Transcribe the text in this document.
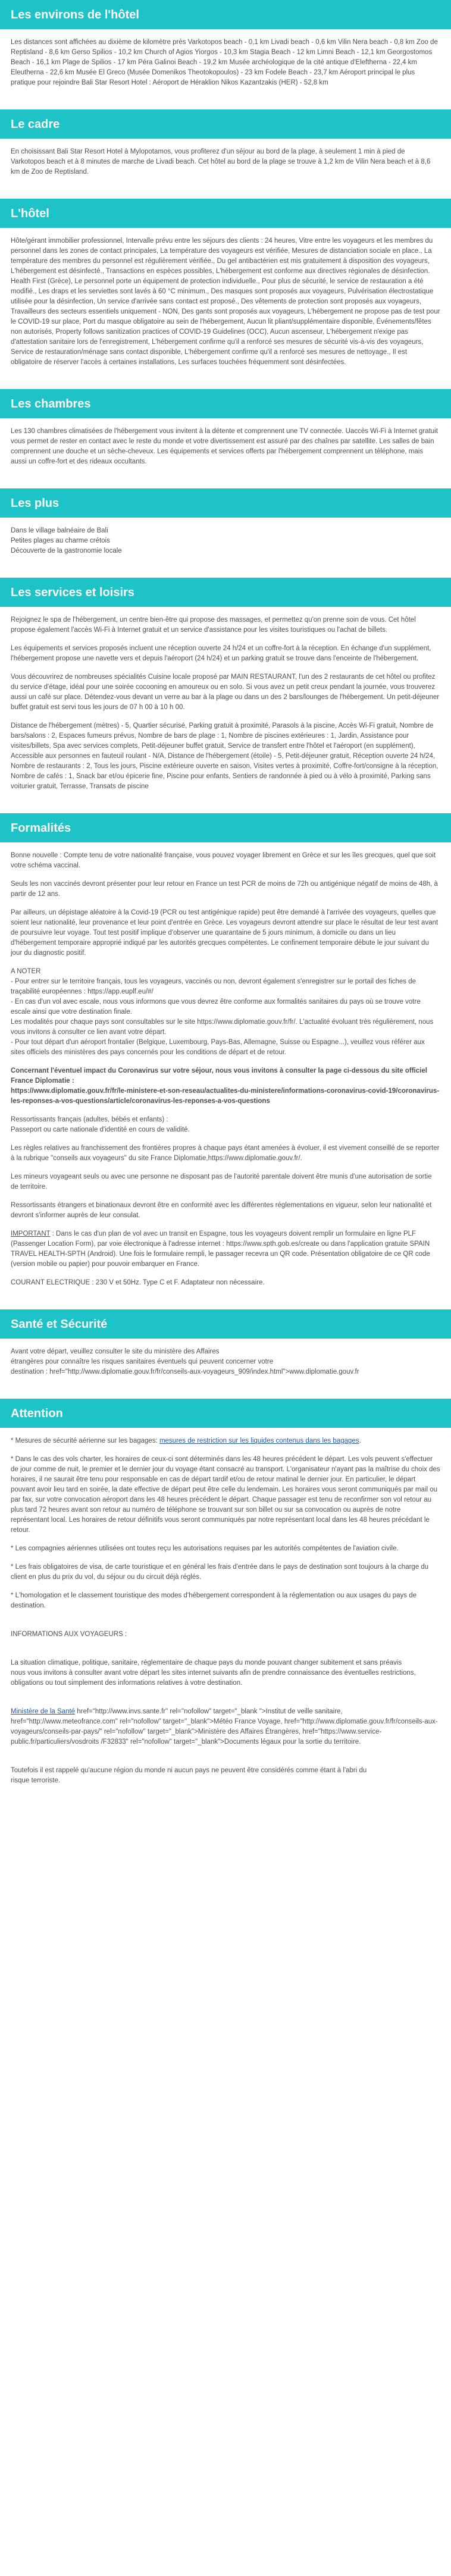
Les environs de l'hôtel

Les distances sont affichées au dixième de kilomètre près Varkotopos beach - 0,1 km Livadi beach - 0,6 km Vilin Nera beach - 0,8 km Zoo de Reptisland - 8,6 km Gerso Spilios - 10,2 km Church of Agios Yiorgos - 10,3 km Stagia Beach - 12 km Limni Beach - 12,1 km Georgostomos Beach - 16,1 km Plage de Spilios - 17 km Péra Galinoi Beach - 19,2 km Musée archéologique de la cité antique d'Eleftherna - 22,4 km Eleutherna - 22,6 km Musée El Greco (Musée Domenikos Theotokopoulos) - 23 km Fodele Beach - 23,7 km Aéroport principal le plus pratique pour rejoindre Bali Star Resort Hotel : Aéroport de Héraklion Nikos Kazantzakis (HER) - 52,8 km

Le cadre

En choisissant Bali Star Resort Hotel à Mylopotamos, vous profiterez d'un séjour au bord de la plage, à seulement 1 min à pied de Varkotopos beach et à 8 minutes de marche de Livadi beach. Cet hôtel au bord de la plage se trouve à 1,2 km de Vilin Nera beach et à 8,6 km de Zoo de Reptisland.

L'hôtel

Hôte/gérant immobilier professionnel, Intervalle prévu entre les séjours des clients : 24 heures, Vitre entre les voyageurs et les membres du personnel dans les zones de contact principales, La température des voyageurs est vérifiée, Mesures de distanciation sociale en place., La température des membres du personnel est régulièrement vérifiée., Du gel antibactérien est mis gratuitement à disposition des voyageurs, L'hébergement est désinfecté., Transactions en espèces possibles, L'hébergement est conforme aux directives régionales de désinfection. Health First (Grèce), Le personnel porte un équipement de protection individuelle., Pour plus de sécurité, le service de restauration a été modifié., Les draps et les serviettes sont lavés à 60 °C minimum., Des masques sont proposés aux voyageurs, Pulvérisation électrostatique utilisée pour la désinfection, Un service d'arrivée sans contact est proposé., Des vêtements de protection sont proposés aux voyageurs, Travailleurs des secteurs essentiels uniquement - NON, Des gants sont proposés aux voyageurs, L'hébergement ne propose pas de test pour le COVID-19 sur place, Port du masque obligatoire au sein de l'hébergement, Aucun lit pliant/supplémentaire disponible, Événements/fêtes non autorisés, Property follows sanitization practices of COVID-19 Guidelines (OCC), Aucun ascenseur, L'hébergement n'exige pas d'attestation sanitaire lors de l'enregistrement, L'hébergement confirme qu'il a renforcé ses mesures de sécurité vis-à-vis des voyageurs, Service de restauration/ménage sans contact disponible, L'hébergement confirme qu'il a renforcé ses mesures de nettoyage., Il est obligatoire de réserver l'accès à certaines installations, Les surfaces touchées fréquemment sont désinfectées.

Les chambres

Les 130 chambres climatisées de l'hébergement vous invitent à la détente et comprennent une TV connectée. Uaccès Wi-Fi à Internet gratuit vous permet de rester en contact avec le reste du monde et votre divertissement est assuré par des chaînes par satellite. Les salles de bain comprennent une douche et un sèche-cheveux. Les équipements et services offerts par l'hébergement comprennent un téléphone, mais aussi un coffre-fort et des rideaux occultants.

Les plus

Dans le village balnéaire de Bali
Petites plages au charme crétois
Découverte de la gastronomie locale

Les services et loisirs

Rejoignez le spa de l'hébergement, un centre bien-être qui propose des massages, et permettez qu'on prenne soin de vous. Cet hôtel propose également l'accès Wi-Fi à Internet gratuit et un service d'assistance pour les visites touristiques ou l'achat de billets.

Les équipements et services proposés incluent une réception ouverte 24 h/24 et un coffre-fort à la réception. En échange d'un supplément, l'hébergement propose une navette vers et depuis l'aéroport (24 h/24) et un parking gratuit se trouve dans l'enceinte de l'hébergement.

Vous découvrirez de nombreuses spécialités Cuisine locale proposé par MAIN RESTAURANT, l'un des 2 restaurants de cet hôtel ou profitez du service d'étage, idéal pour une soirée cocooning en amoureux ou en solo. Si vous avez un petit creux pendant la journée, vous trouverez aussi un café sur place. Détendez-vous devant un verre au bar à la plage ou dans un des 2 bars/lounges de l'hébergement. Un petit-déjeuner buffet gratuit est servi tous les jours de 07 h 00 à 10 h 00.

Distance de l'hébergement (mètres) - 5, Quartier sécurisé, Parking gratuit à proximité, Parasols à la piscine, Accès Wi-Fi gratuit, Nombre de bars/salons : 2, Espaces fumeurs prévus, Nombre de bars de plage : 1, Nombre de piscines extérieures : 1, Jardin, Assistance pour visites/billets, Spa avec services complets, Petit-déjeuner buffet gratuit, Service de transfert entre l'hôtel et l'aéroport (en supplément), Accessible aux personnes en fauteuil roulant - N/A, Distance de l'hébergement (étoile) - 5, Petit-déjeuner gratuit, Réception ouverte 24 h/24, Nombre de restaurants : 2, Tous les jours, Piscine extérieure ouverte en saison, Visites vertes à proximité, Coffre-fort/consigne à la réception, Nombre de cafés : 1, Snack bar et/ou épicerie fine, Piscine pour enfants, Sentiers de randonnée à pied ou à vélo à proximité, Parking sans voiturier gratuit, Terrasse, Transats de piscine

Formalités

Bonne nouvelle : Compte tenu de votre nationalité française, vous pouvez voyager librement en Grèce et sur les îles grecques, quel que soit votre schéma vaccinal.

Seuls les non vaccinés devront présenter pour leur retour en France un test PCR de moins de 72h ou antigénique négatif de moins de 48h, à partir de 12 ans.

Par ailleurs, un dépistage aléatoire à la Covid-19 (PCR ou test antigénique rapide) peut être demandé à l'arrivée des voyageurs, quelles que soient leur nationalité, leur provenance et leur point d'entrée en Grèce. Les voyageurs devront attendre sur place le résultat de leur test avant de poursuivre leur voyage. Tout test positif implique d'observer une quarantaine de 5 jours minimum, à domicile ou dans un lieu d'hébergement temporaire approprié indiqué par les autorités grecques compétentes. Le confinement temporaire débute le jour suivant du jour du diagnostic positif.

A NOTER
- Pour entrer sur le territoire français, tous les voyageurs, vaccinés ou non, devront également s'enregistrer sur le portail des fiches de traçabilité européennes : https://app.euplf.eu/#/
- En cas d'un vol avec escale, nous vous informons que vous devrez être conforme aux formalités sanitaires du pays où se trouve votre escale ainsi que votre destination finale.
Les modalités pour chaque pays sont consultables sur le site https://www.diplomatie.gouv.fr/fr/. L'actualité évoluant très régulièrement, nous vous invitons à consulter ce lien avant votre départ.
- Pour tout départ d'un aéroport frontalier (Belgique, Luxembourg, Pays-Bas, Allemagne, Suisse ou Espagne...), veuillez vous référer aux sites officiels des ministères des pays concernés pour les conditions de départ et de retour.

Concernant l'éventuel impact du Coronavirus sur votre séjour, nous vous invitons à consulter la page ci-dessous du site officiel France Diplomatie :
https://www.diplomatie.gouv.fr/fr/le-ministere-et-son-reseau/actualites-du-ministere/informations-coronavirus-covid-19/coronavirus-les-reponses-a-vos-questions/article/coronavirus-les-reponses-a-vos-questions

Ressortissants français (adultes, bébés et enfants) :
Passeport ou carte nationale d'identité en cours de validité.

Les règles relatives au franchissement des frontières propres à chaque pays étant amenées à évoluer, il est vivement conseillé de se reporter à la rubrique "conseils aux voyageurs" du site France Diplomatie,https://www.diplomatie.gouv.fr/.

Les mineurs voyageant seuls ou avec une personne ne disposant pas de l'autorité parentale doivent être munis d'une autorisation de sortie de territoire.

Ressortissants étrangers et binationaux devront être en conformité avec les différentes réglementations en vigueur, selon leur nationalité et devront s'informer auprès de leur consulat.

IMPORTANT : Dans le cas d'un plan de vol avec un transit en Espagne, tous les voyageurs doivent remplir un formulaire en ligne PLF (Passenger Location Form), par voie électronique à l'adresse internet : https://www.spth.gob.es/create ou dans l'application gratuite SPAIN TRAVEL HEALTH-SPTH (Android). Une fois le formulaire rempli, le passager recevra un QR code. Présentation obligatoire de ce QR code (version mobile ou papier) pour pouvoir embarquer en France.

COURANT ELECTRIQUE : 230 V et 50Hz. Type C et F. Adaptateur non nécessaire.

Santé et Sécurité

Avant votre départ, veuillez consulter le site du ministère des Affaires
étrangères pour connaître les risques sanitaires éventuels qui peuvent concerner votre
destination : href="http://www.diplomatie.gouv.fr/fr/conseils-aux-voyageurs_909/index.html">www.diplomatie.gouv.fr

Attention

* Mesures de sécurité aérienne sur les bagages: mesures de restriction sur les liquides contenus dans les bagages.

* Dans le cas des vols charter, les horaires de ceux-ci sont déterminés dans les 48 heures précédent le départ. Les vols peuvent s'effectuer de jour comme de nuit, le premier et le dernier jour du voyage étant consacré au transport. L'organisateur n'ayant pas la maîtrise du choix des horaires, il ne saurait être tenu pour responsable en cas de départ tardif et/ou de retour matinal le dernier jour. En particulier, le départ pouvant avoir lieu tard en soirée, la date effective de départ peut être celle du lendemain. Les horaires vous seront communiqués par mail ou par fax, sur votre convocation aéroport dans les 48 heures précédent le départ. Chaque passager est tenu de reconfirmer son vol retour au plus tard 72 heures avant son retour au numéro de téléphone se trouvant sur son billet ou sur sa convocation ou auprès de notre représentant local. Les horaires de retour définitifs vous seront communiqués par notre représentant local dans les 48 heures précédant le retour.

* Les compagnies aériennes utilisées ont toutes reçu les autorisations requises par les autorités compétentes de l'aviation civile.

* Les frais obligatoires de visa, de carte touristique et en général les frais d'entrée dans le pays de destination sont toujours à la charge du client en plus du prix du vol, du séjour ou du circuit déjà réglés.

* L'homologation et le classement touristique des modes d'hébergement correspondent à la réglementation ou aux usages du pays de destination.

INFORMATIONS AUX VOYAGEURS :

La situation climatique, politique, sanitaire, réglementaire de chaque pays du monde pouvant changer subitement et sans préavis
nous vous invitons à consulter avant votre départ les sites internet suivants afin de prendre connaissance des éventuelles restrictions, obligations ou tout simplement des informations relatives à votre destination.

Ministère de la Santé href="http://www.invs.sante.fr" rel="nofollow" target="_blank ">Institut de veille sanitaire, href="http://www.meteofrance.com" rel="nofollow" target="_blank">Météo France Voyage, href="http://www.diplomatie.gouv.fr/fr/conseils-aux-voyageurs/conseils-par-pays/" rel="nofollow" target="_blank">Ministère des Affaires Étrangères, href="https://www.service-public.fr/particuliers/vosdroits /F32833" rel="nofollow" target="_blank">Documents légaux pour la sortie du territoire.

Toutefois il est rappelé qu'aucune région du monde ni aucun pays ne peuvent être considérés comme étant à l'abri du
risque terroriste.
